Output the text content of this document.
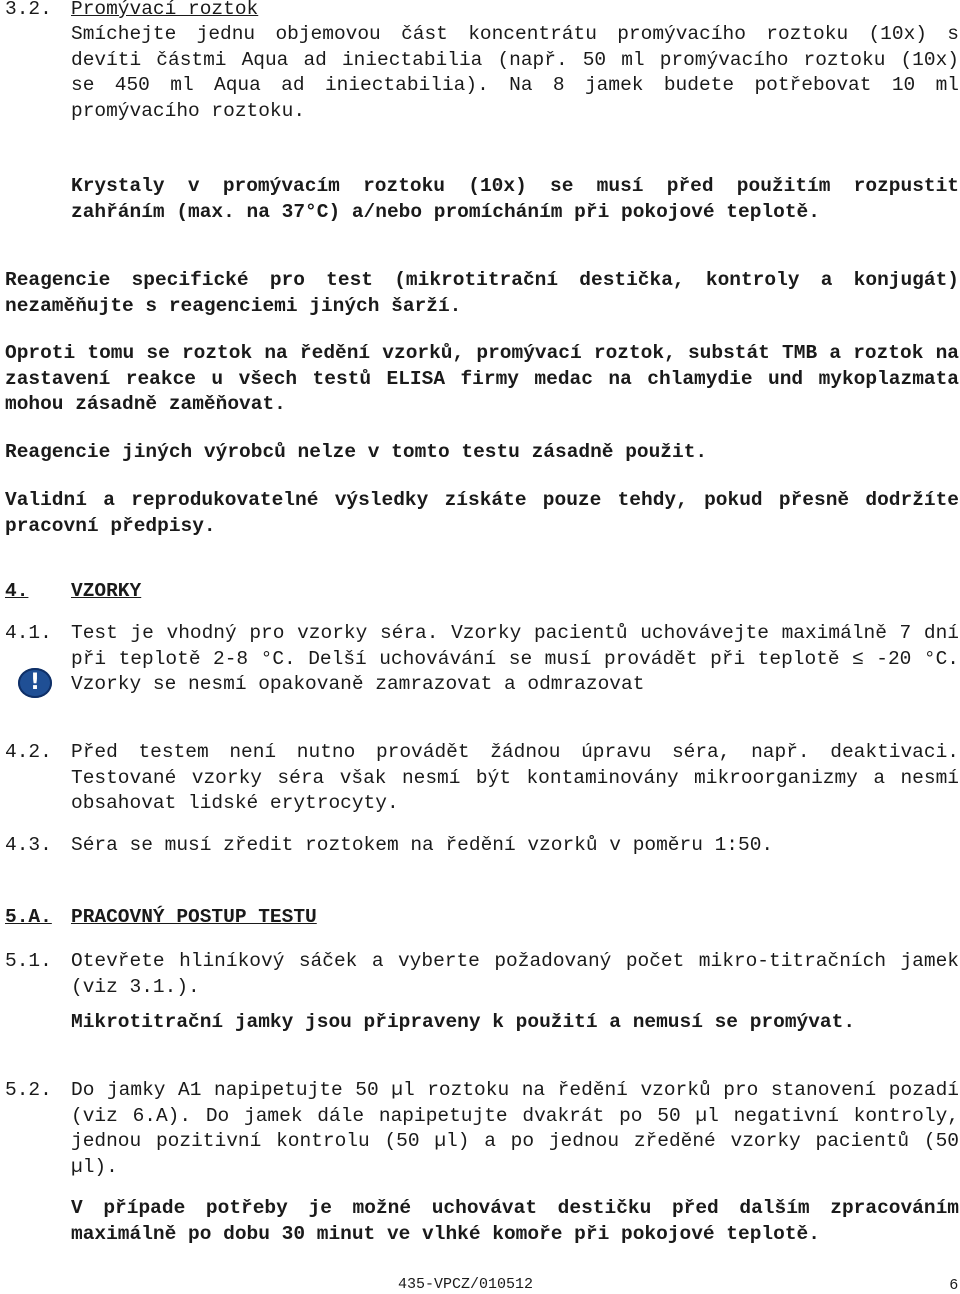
3.2. Promývací roztok

Smíchejte jednu objemovou část koncentrátu promývacího roztoku (10x) s devíti částmi Aqua ad iniectabilia (např. 50 ml promývacího roztoku (10x) se 450 ml Aqua ad iniectabilia). Na 8 jamek budete potřebovat 10 ml promývacího roztoku.

Krystaly v promývacím roztoku (10x) se musí před použitím rozpustit zahřáním (max. na 37°C) a/nebo promícháním při pokojové teplotě.

Reagencie specifické pro test (mikrotitrační destička, kontroly a konjugát) nezaměňujte s reagenciemi jiných šarží.

Oproti tomu se roztok na ředění vzorků, promývací roztok, substát TMB a roztok na zastavení reakce u všech testů ELISA firmy medac na chlamydie und mykoplazmata mohou zásadně zaměňovat.

Reagencie jiných výrobců nelze v tomto testu zásadně použit.

Validní a reprodukovatelné výsledky získáte pouze tehdy, pokud přesně dodržíte pracovní předpisy.

4. VZORKY
4.1. Test je vhodný pro vzorky séra. Vzorky pacientů uchovávejte maximálně 7 dní při teplotě 2-8 °C. Delší uchovávání se musí provádět při teplotě ≤ -20 °C. Vzorky se nesmí opakovaně zamrazovat a odmrazovat

!
4.2. Před testem není nutno provádět žádnou úpravu séra, např. deaktivaci. Testované vzorky séra však nesmí být kontaminovány mikroorganizmy a nesmí obsahovat lidské erytrocyty.

4.3. Séra se musí zředit roztokem na ředění vzorků v poměru 1:50.

5.A. PRACOVNÝ POSTUP TESTU
5.1. Otevřete hliníkový sáček a vyberte požadovaný počet mikro-titračních jamek (viz 3.1.).

Mikrotitrační jamky jsou připraveny k použití a nemusí se promývat.

5.2. Do jamky A1 napipetujte 50 µl roztoku na ředění vzorků pro stanovení pozadí (viz 6.A). Do jamek dále napipetujte dvakrát po 50 µl negativní kontroly, jednou pozitivní kontrolu (50 µl) a po jednou zředěné vzorky pacientů (50 µl).

V případe potřeby je možné uchovávat destičku před dalším zpracováním maximálně po dobu 30 minut ve vlhké komoře při pokojové teplotě.

435-VPCZ/010512	6
